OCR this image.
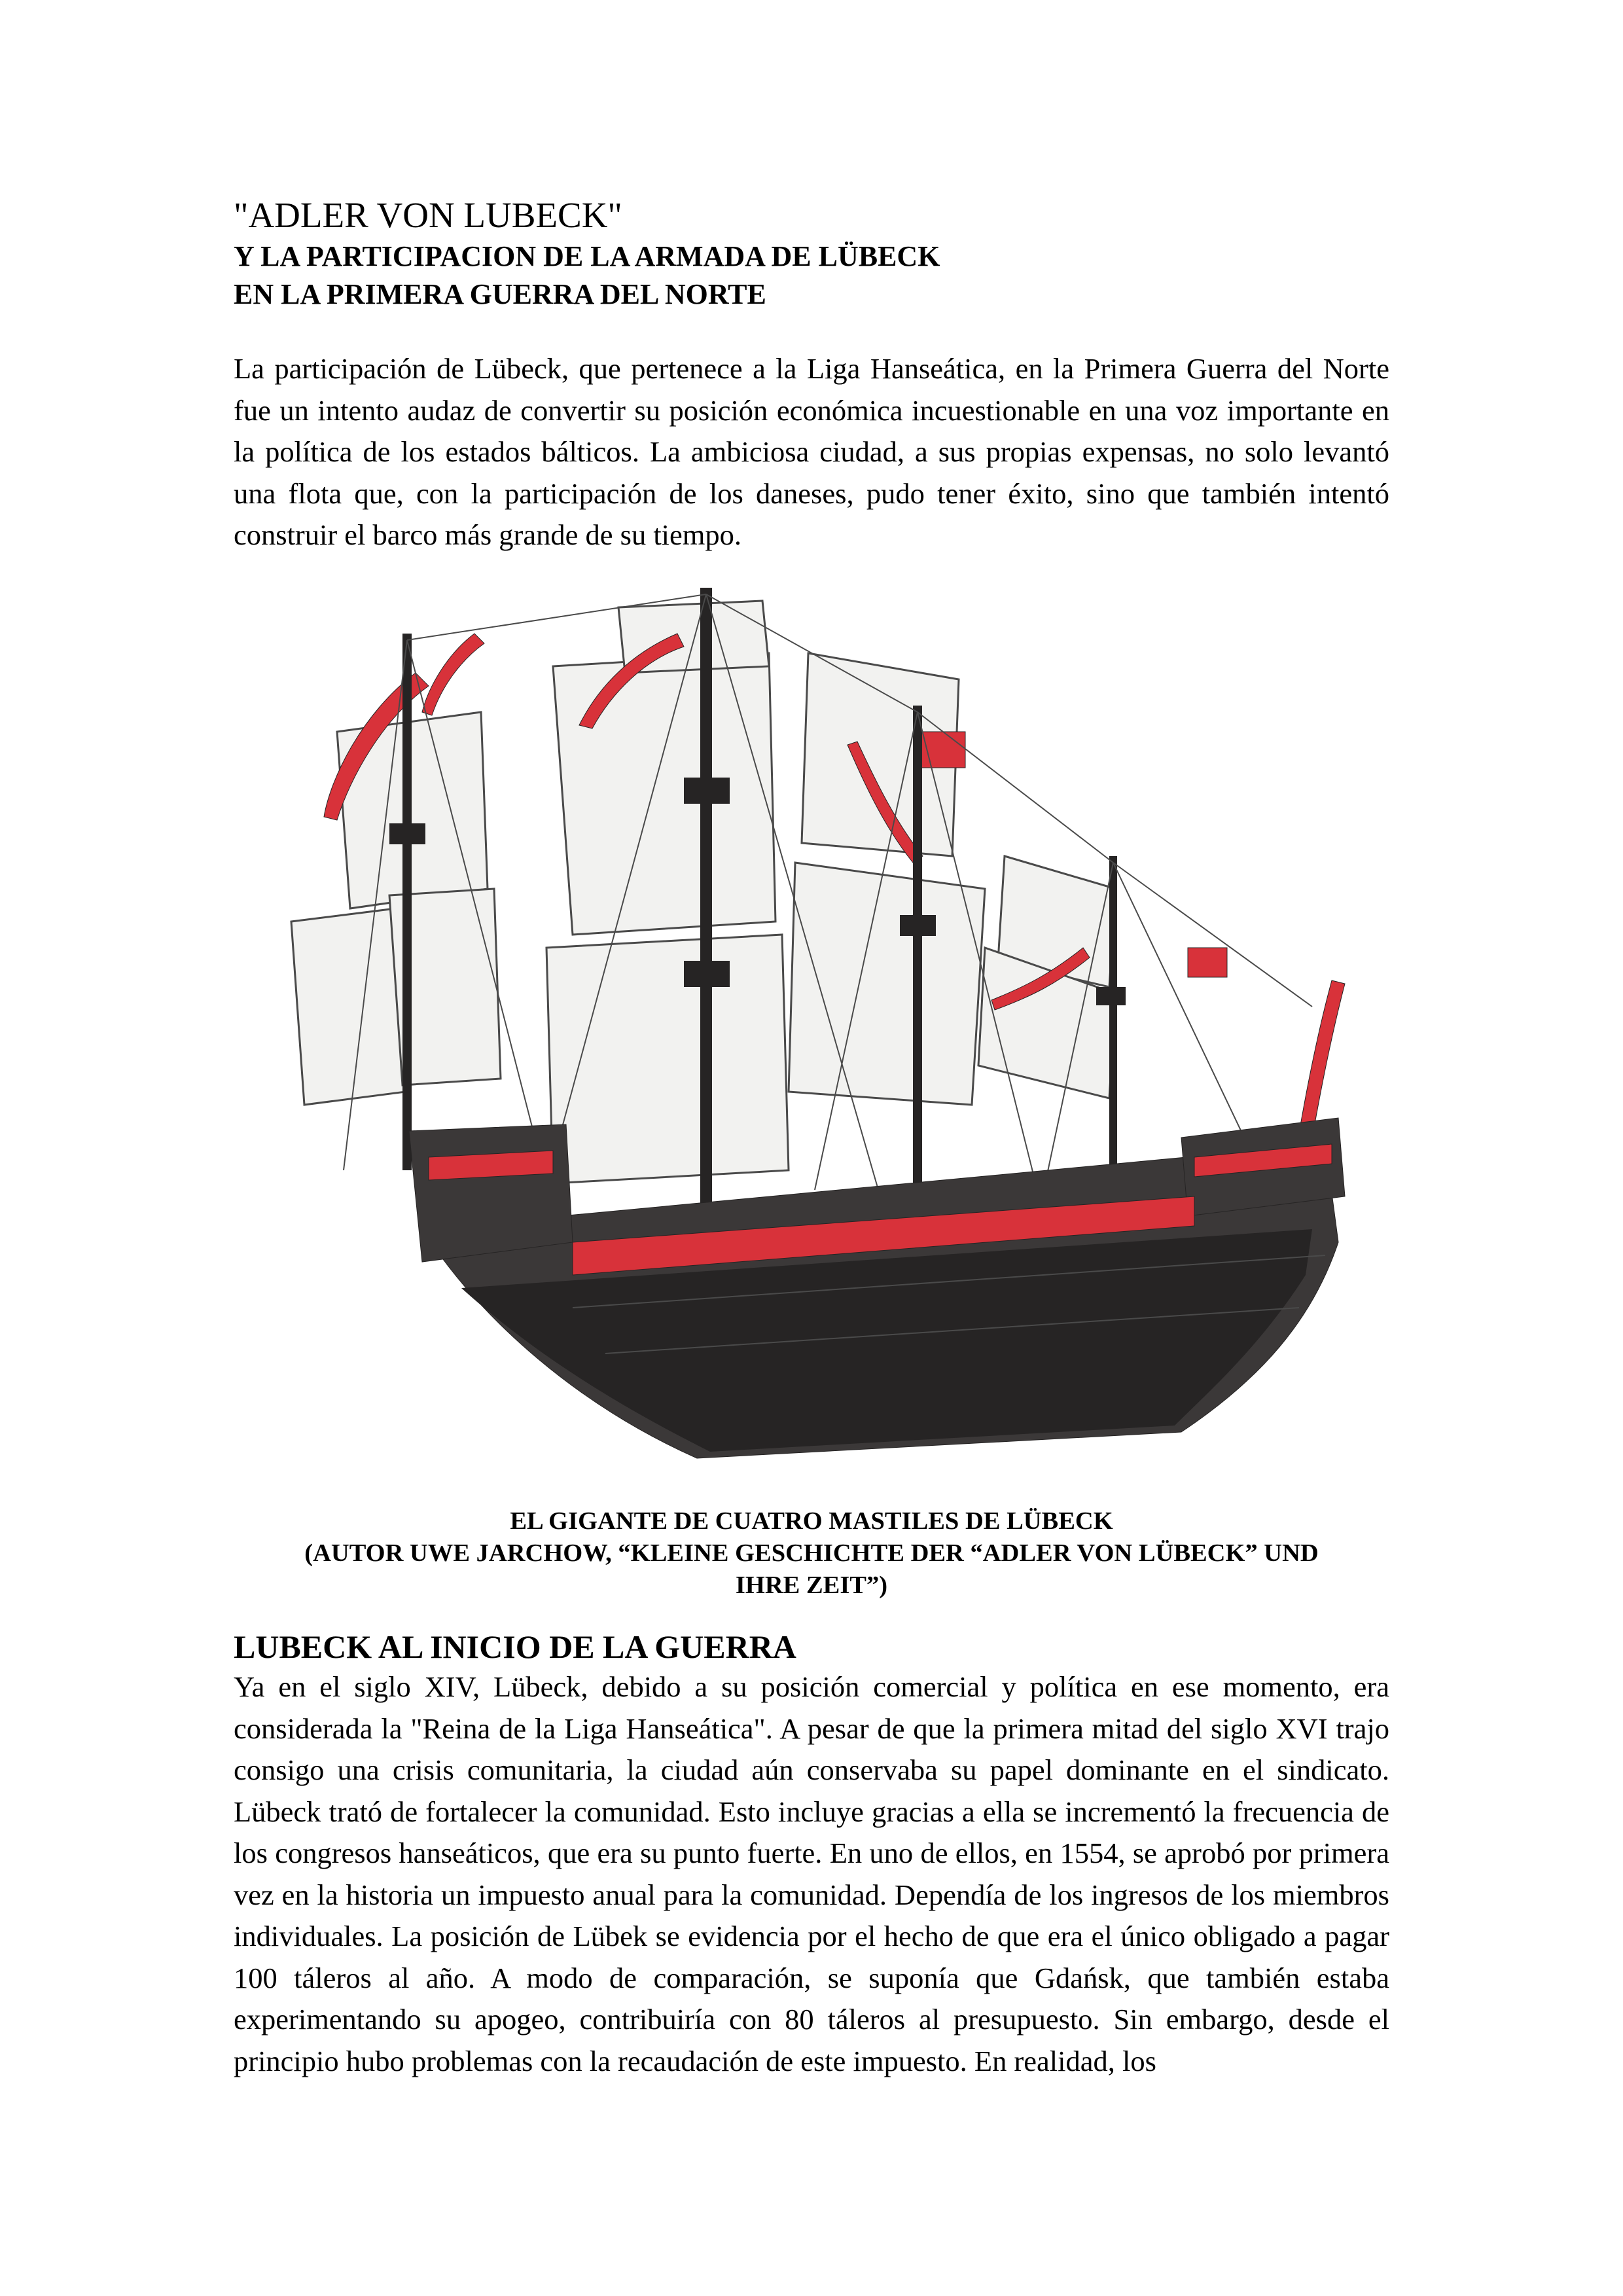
"ADLER VON LUBECK"
Y LA PARTICIPACION DE LA ARMADA DE LÜBECK
EN LA PRIMERA GUERRA DEL NORTE

La participación de Lübeck, que pertenece a la Liga Hanseática, en la Primera Guerra del Norte fue un intento audaz de convertir su posición económica incuestionable en una voz importante en la política de los estados bálticos. La ambiciosa ciudad, a sus propias expensas, no solo levantó una flota que, con la participación de los daneses, pudo tener éxito, sino que también intentó construir el barco más grande de su tiempo.

EL GIGANTE DE CUATRO MASTILES DE LÜBECK

(AUTOR UWE JARCHOW, “KLEINE GESCHICHTE DER “ADLER VON LÜBECK” UND

IHRE ZEIT”)

LUBECK AL INICIO DE LA GUERRA

Ya en el siglo XIV, Lübeck, debido a su posición comercial y política en ese momento, era considerada la "Reina de la Liga Hanseática". A pesar de que la primera mitad del siglo XVI trajo consigo una crisis comunitaria, la ciudad aún conservaba su papel dominante en el sindicato. Lübeck trató de fortalecer la comunidad. Esto incluye gracias a ella se incrementó la frecuencia de los congresos hanseáticos, que era su punto fuerte. En uno de ellos, en 1554, se aprobó por primera vez en la historia un impuesto anual para la comunidad. Dependía de los ingresos de los miembros individuales. La posición de Lübek se evidencia por el hecho de que era el único obligado a pagar 100 táleros al año. A modo de comparación, se suponía que Gdańsk, que también estaba experimentando su apogeo, contribuiría con 80 táleros al presupuesto. Sin embargo, desde el principio hubo problemas con la recaudación de este impuesto. En realidad, los
